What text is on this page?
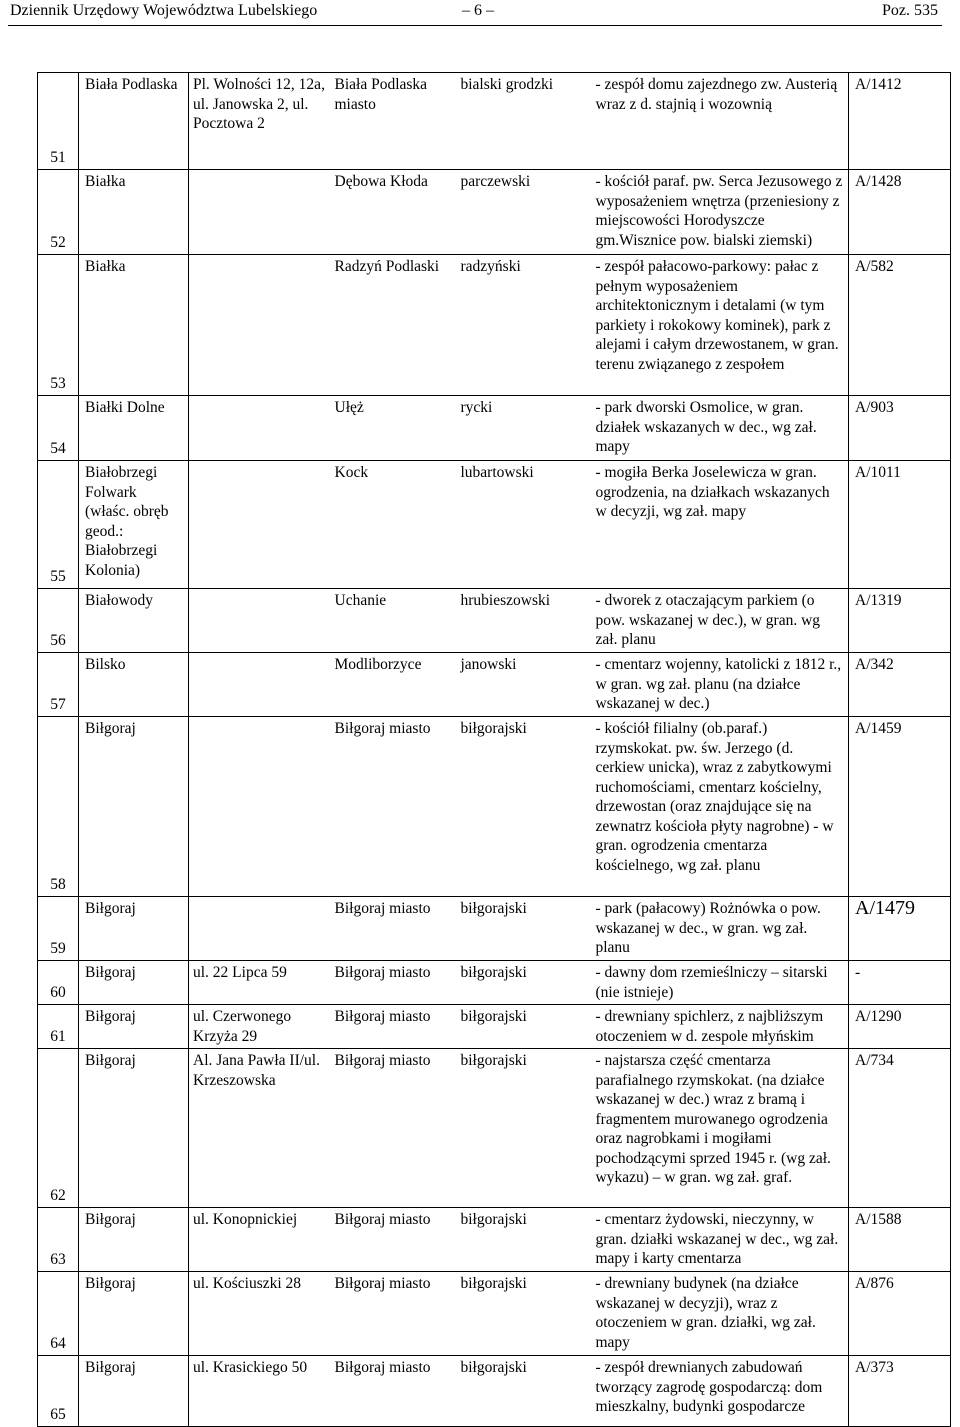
Dziennik Urzędowy Województwa Lubelskiego	– 6 –	Poz. 535
51	Biała Podlaska	Pl. Wolności 12, 12a, ul. Janowska 2, ul. Pocztowa 2	Biała Podlaska miasto	bialski grodzki	- zespół domu zajezdnego zw. Austerią wraz z d. stajnią i wozownią	A/1412
52	Białka		Dębowa Kłoda	parczewski	- kościół paraf. pw. Serca Jezusowego z wyposażeniem wnętrza (przeniesiony z miejscowości Horodyszcze gm.Wisznice pow. bialski ziemski)	A/1428
53	Białka		Radzyń Podlaski	radzyński	- zespół pałacowo-parkowy: pałac z pełnym wyposażeniem architektonicznym i detalami (w tym parkiety i rokokowy kominek), park z alejami i całym drzewostanem, w gran. terenu związanego z zespołem	A/582
54	Białki Dolne		Ułęż	rycki	- park dworski Osmolice, w gran. działek wskazanych w dec., wg zał. mapy	A/903
55	Białobrzegi Folwark (właśc. obręb geod.: Białobrzegi Kolonia)		Kock	lubartowski	- mogiła Berka Joselewicza w gran. ogrodzenia, na działkach wskazanych w decyzji, wg zał. mapy	A/1011
56	Białowody		Uchanie	hrubieszowski	- dworek z otaczającym parkiem (o pow. wskazanej w dec.), w gran. wg zał. planu	A/1319
57	Bilsko		Modliborzyce	janowski	- cmentarz wojenny, katolicki z 1812 r., w gran. wg zał. planu (na działce wskazanej w dec.)	A/342
58	Biłgoraj		Biłgoraj miasto	biłgorajski	- kościół filialny (ob.paraf.) rzymskokat. pw. św. Jerzego (d. cerkiew unicka), wraz z zabytkowymi ruchomościami, cmentarz kościelny, drzewostan (oraz znajdujące się na zewnatrz kościoła płyty nagrobne) - w gran. ogrodzenia cmentarza kościelnego, wg zał. planu	A/1459
59	Biłgoraj		Biłgoraj miasto	biłgorajski	- park (pałacowy) Rożnówka o pow. wskazanej w dec., w gran. wg zał. planu	A/1479
60	Biłgoraj	ul. 22 Lipca 59	Biłgoraj miasto	biłgorajski	- dawny dom rzemieślniczy – sitarski (nie istnieje)	-
61	Biłgoraj	ul. Czerwonego Krzyża 29	Biłgoraj miasto	biłgorajski	- drewniany spichlerz, z najbliższym otoczeniem w d. zespole młyńskim	A/1290
62	Biłgoraj	Al. Jana Pawła II/ul. Krzeszowska	Biłgoraj miasto	biłgorajski	- najstarsza część cmentarza parafialnego rzymskokat. (na działce wskazanej w dec.) wraz z bramą i fragmentem murowanego ogrodzenia oraz nagrobkami i mogiłami pochodzącymi sprzed 1945 r. (wg zał. wykazu) – w gran. wg zał. graf.	A/734
63	Biłgoraj	ul. Konopnickiej	Biłgoraj miasto	biłgorajski	- cmentarz żydowski, nieczynny, w gran. działki wskazanej w dec., wg zał. mapy i karty cmentarza	A/1588
64	Biłgoraj	ul. Kościuszki 28	Biłgoraj miasto	biłgorajski	- drewniany budynek (na działce wskazanej w decyzji), wraz z otoczeniem w gran. działki, wg zał. mapy	A/876
65	Biłgoraj	ul. Krasickiego 50	Biłgoraj miasto	biłgorajski	- zespół drewnianych zabudowań tworzący zagrodę gospodarczą: dom mieszkalny, budynki gospodarcze	A/373
